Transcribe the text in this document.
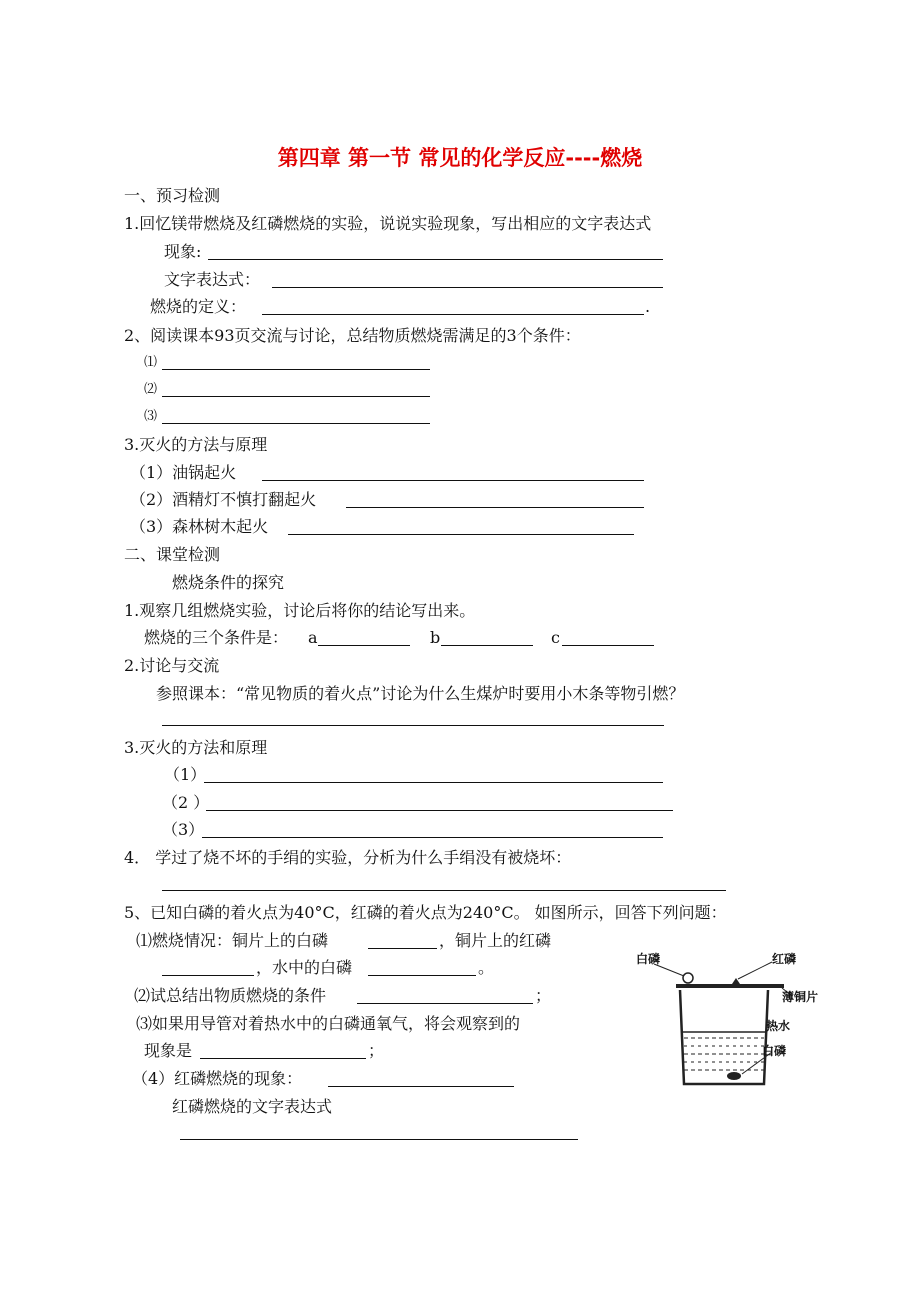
第四章 第一节 常见的化学反应----燃烧
一、预习检测
1.回忆镁带燃烧及红磷燃烧的实验，说说实验现象，写出相应的文字表达式
现象:
文字表达式：
燃烧的定义：	.
2、阅读课本93页交流与讨论，总结物质燃烧需满足的3个条件：
⑴
⑵
⑶
3.灭火的方法与原理
（1）油锅起火
（2）酒精灯不慎打翻起火
（3）森林树木起火
二、课堂检测
燃烧条件的探究
1.观察几组燃烧实验，讨论后将你的结论写出来。
燃烧的三个条件是： a	b	c
2.讨论与交流
参照课本：“常见物质的着火点”讨论为什么生煤炉时要用小木条等物引燃？
3.灭火的方法和原理
（1）
（2 ）
（3）
4． 学过了烧不坏的手绢的实验，分析为什么手绢没有被烧坏：
5、已知白磷的着火点为40°C，红磷的着火点为240°C。 如图所示，回答下列问题：
⑴燃烧情况：铜片上的白磷	，铜片上的红磷
，水中的白磷	。
⑵试总结出物质燃烧的条件	；
⑶如果用导管对着热水中的白磷通氧气，将会观察到的
现象是	；
（4）红磷燃烧的现象：
红磷燃烧的文字表达式
白磷	红磷
薄铜片
热水
白磷
